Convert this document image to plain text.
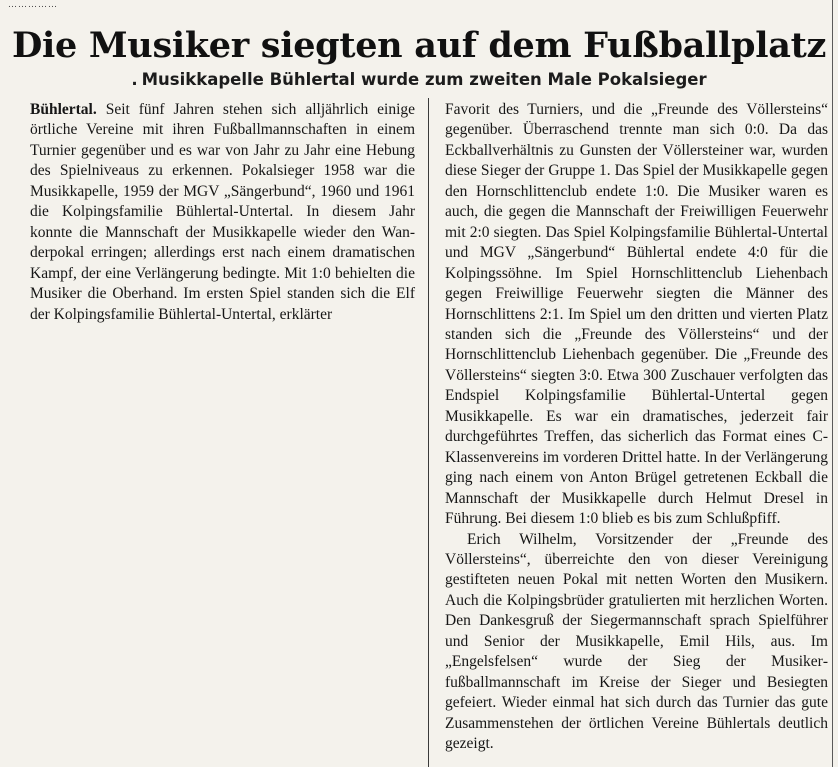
……………
Die Musiker siegten auf dem Fußballplatz
. Musikkapelle Bühlertal wurde zum zweiten Male Pokalsieger

Bühlertal. Seit fünf Jahren stehen sich alljährlich einige örtliche Vereine mit ihren Fußballmannschaften in einem Turnier gegenüber und es war von Jahr zu Jahr eine Hebung des Spielniveaus zu erkennen. Pokalsieger 1958 war die Musikkapelle, 1959 der MGV „Sängerbund“, 1960 und 1961 die Kolpingsfamilie Bühlertal-Untertal. In diesem Jahr konnte die Mannschaft der Musikkapelle wieder den Wanderpokal erringen; allerdings erst nach einem dramatischen Kampf, der eine Verlängerung bedingte. Mit 1:0 behielten die Musiker die Oberhand. Im ersten Spiel standen sich die Elf der Kolpingsfamilie Bühlertal-Untertal, erklärter

Favorit des Turniers, und die „Freunde des Völlersteins“ gegenüber. Überraschend trennte man sich 0:0. Da das Eckballverhältnis zu Gunsten der Völlersteiner war, wurden diese Sieger der Gruppe 1. Das Spiel der Musikkapelle gegen den Hornschlittenclub endete 1:0. Die Musiker waren es auch, die gegen die Mannschaft der Freiwilligen Feuerwehr mit 2:0 siegten. Das Spiel Kolpingsfamilie Bühlertal-Untertal und MGV „Sängerbund“ Bühlertal endete 4:0 für die Kolpingssöhne. Im Spiel Hornschlittenclub Liehenbach gegen Freiwillige Feuerwehr siegten die Männer des Hornschlittens 2:1. Im Spiel um den dritten und vierten Platz standen sich die „Freunde des Völlersteins“ und der Hornschlittenclub Liehenbach gegenüber. Die „Freunde des Völlersteins“ siegten 3:0. Etwa 300 Zuschauer verfolgten das Endspiel Kolpingsfamilie Bühlertal-Untertal gegen Musikkapelle. Es war ein dramatisches, jederzeit fair durchgeführtes Treffen, das sicherlich das Format eines C-Klassenvereins im vorderen Drittel hatte. In der Verlängerung ging nach einem von Anton Brügel getretenen Eckball die Mannschaft der Musikkapelle durch Helmut Dresel in Führung. Bei diesem 1:0 blieb es bis zum Schlußpfiff.

Erich Wilhelm, Vorsitzender der „Freunde des Völlersteins“, überreichte den von dieser Vereinigung gestifteten neuen Pokal mit netten Worten den Musikern. Auch die Kolpingsbrüder gratulierten mit herzlichen Worten. Den Dankesgruß der Siegermannschaft sprach Spielführer und Senior der Musikkapelle, Emil Hils, aus. Im „Engelsfelsen“ wurde der Sieg der Musikerfußballmannschaft im Kreise der Sieger und Besiegten gefeiert. Wieder einmal hat sich durch das Turnier das gute Zusammenstehen der örtlichen Vereine Bühlertals deutlich gezeigt.
